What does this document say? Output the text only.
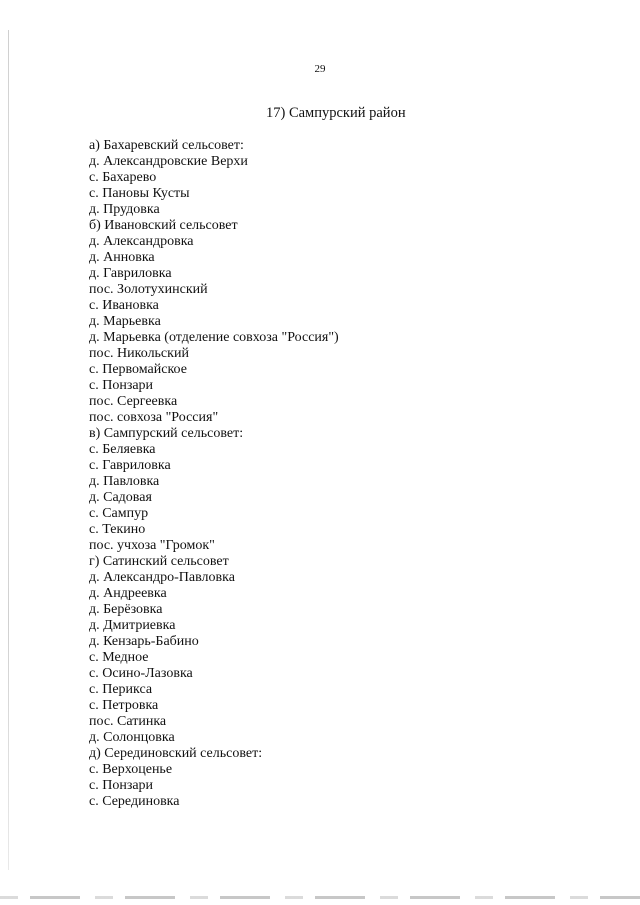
29
17) Сампурский район
а) Бахаревский сельсовет:
д. Александровские Верхи
с. Бахарево
с. Пановы Кусты
д. Прудовка
б) Ивановский сельсовет
д. Александровка
д. Анновка
д. Гавриловка
пос. Золотухинский
с. Ивановка
д. Марьевка
д. Марьевка (отделение совхоза "Россия")
пос. Никольский
с. Первомайское
с. Понзари
пос. Сергеевка
пос. совхоза "Россия"
в) Сампурский сельсовет:
с. Беляевка
с. Гавриловка
д. Павловка
д. Садовая
с. Сампур
с. Текино
пос. учхоза "Громок"
г) Сатинский сельсовет
д. Александро-Павловка
д. Андреевка
д. Берёзовка
д. Дмитриевка
д. Кензарь-Бабино
с. Медное
с. Осино-Лазовка
с. Перикса
с. Петровка
пос. Сатинка
д. Солонцовка
д) Серединовский сельсовет:
с. Верхоценье
с. Понзари
с. Серединовка
